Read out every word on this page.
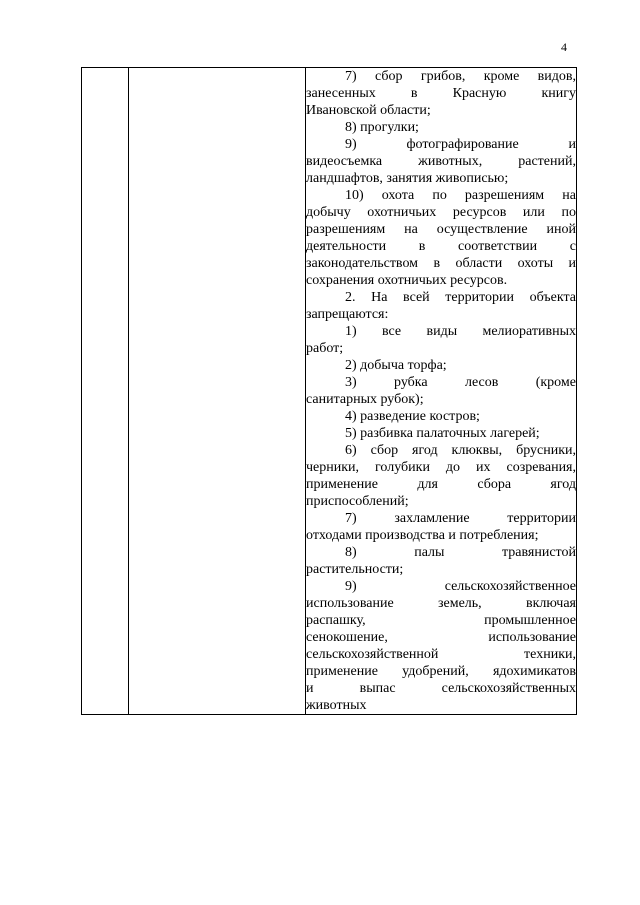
4

7) сбор грибов, кроме видов,
занесенных в Красную книгу
Ивановской области;

8) прогулки;

9) фотографирование и
видеосъемка животных, растений,
ландшафтов, занятия живописью;

10) охота по разрешениям на
добычу охотничьих ресурсов или по
разрешениям на осуществление иной
деятельности в соответствии с
законодательством в области охоты и
сохранения охотничьих ресурсов.

2. На всей территории объекта
запрещаются:

1) все виды мелиоративных
работ;

2) добыча торфа;

3) рубка лесов (кроме
санитарных рубок);

4) разведение костров;

5) разбивка палаточных лагерей;

6) сбор ягод клюквы, брусники,
черники, голубики до их созревания,
применение для сбора ягод
приспособлений;

7) захламление территории
отходами производства и потребления;

8) палы травянистой
растительности;

9) сельскохозяйственное
использование земель, включая
распашку, промышленное
сенокошение, использование
сельскохозяйственной техники,
применение удобрений, ядохимикатов
и выпас сельскохозяйственных
животных
